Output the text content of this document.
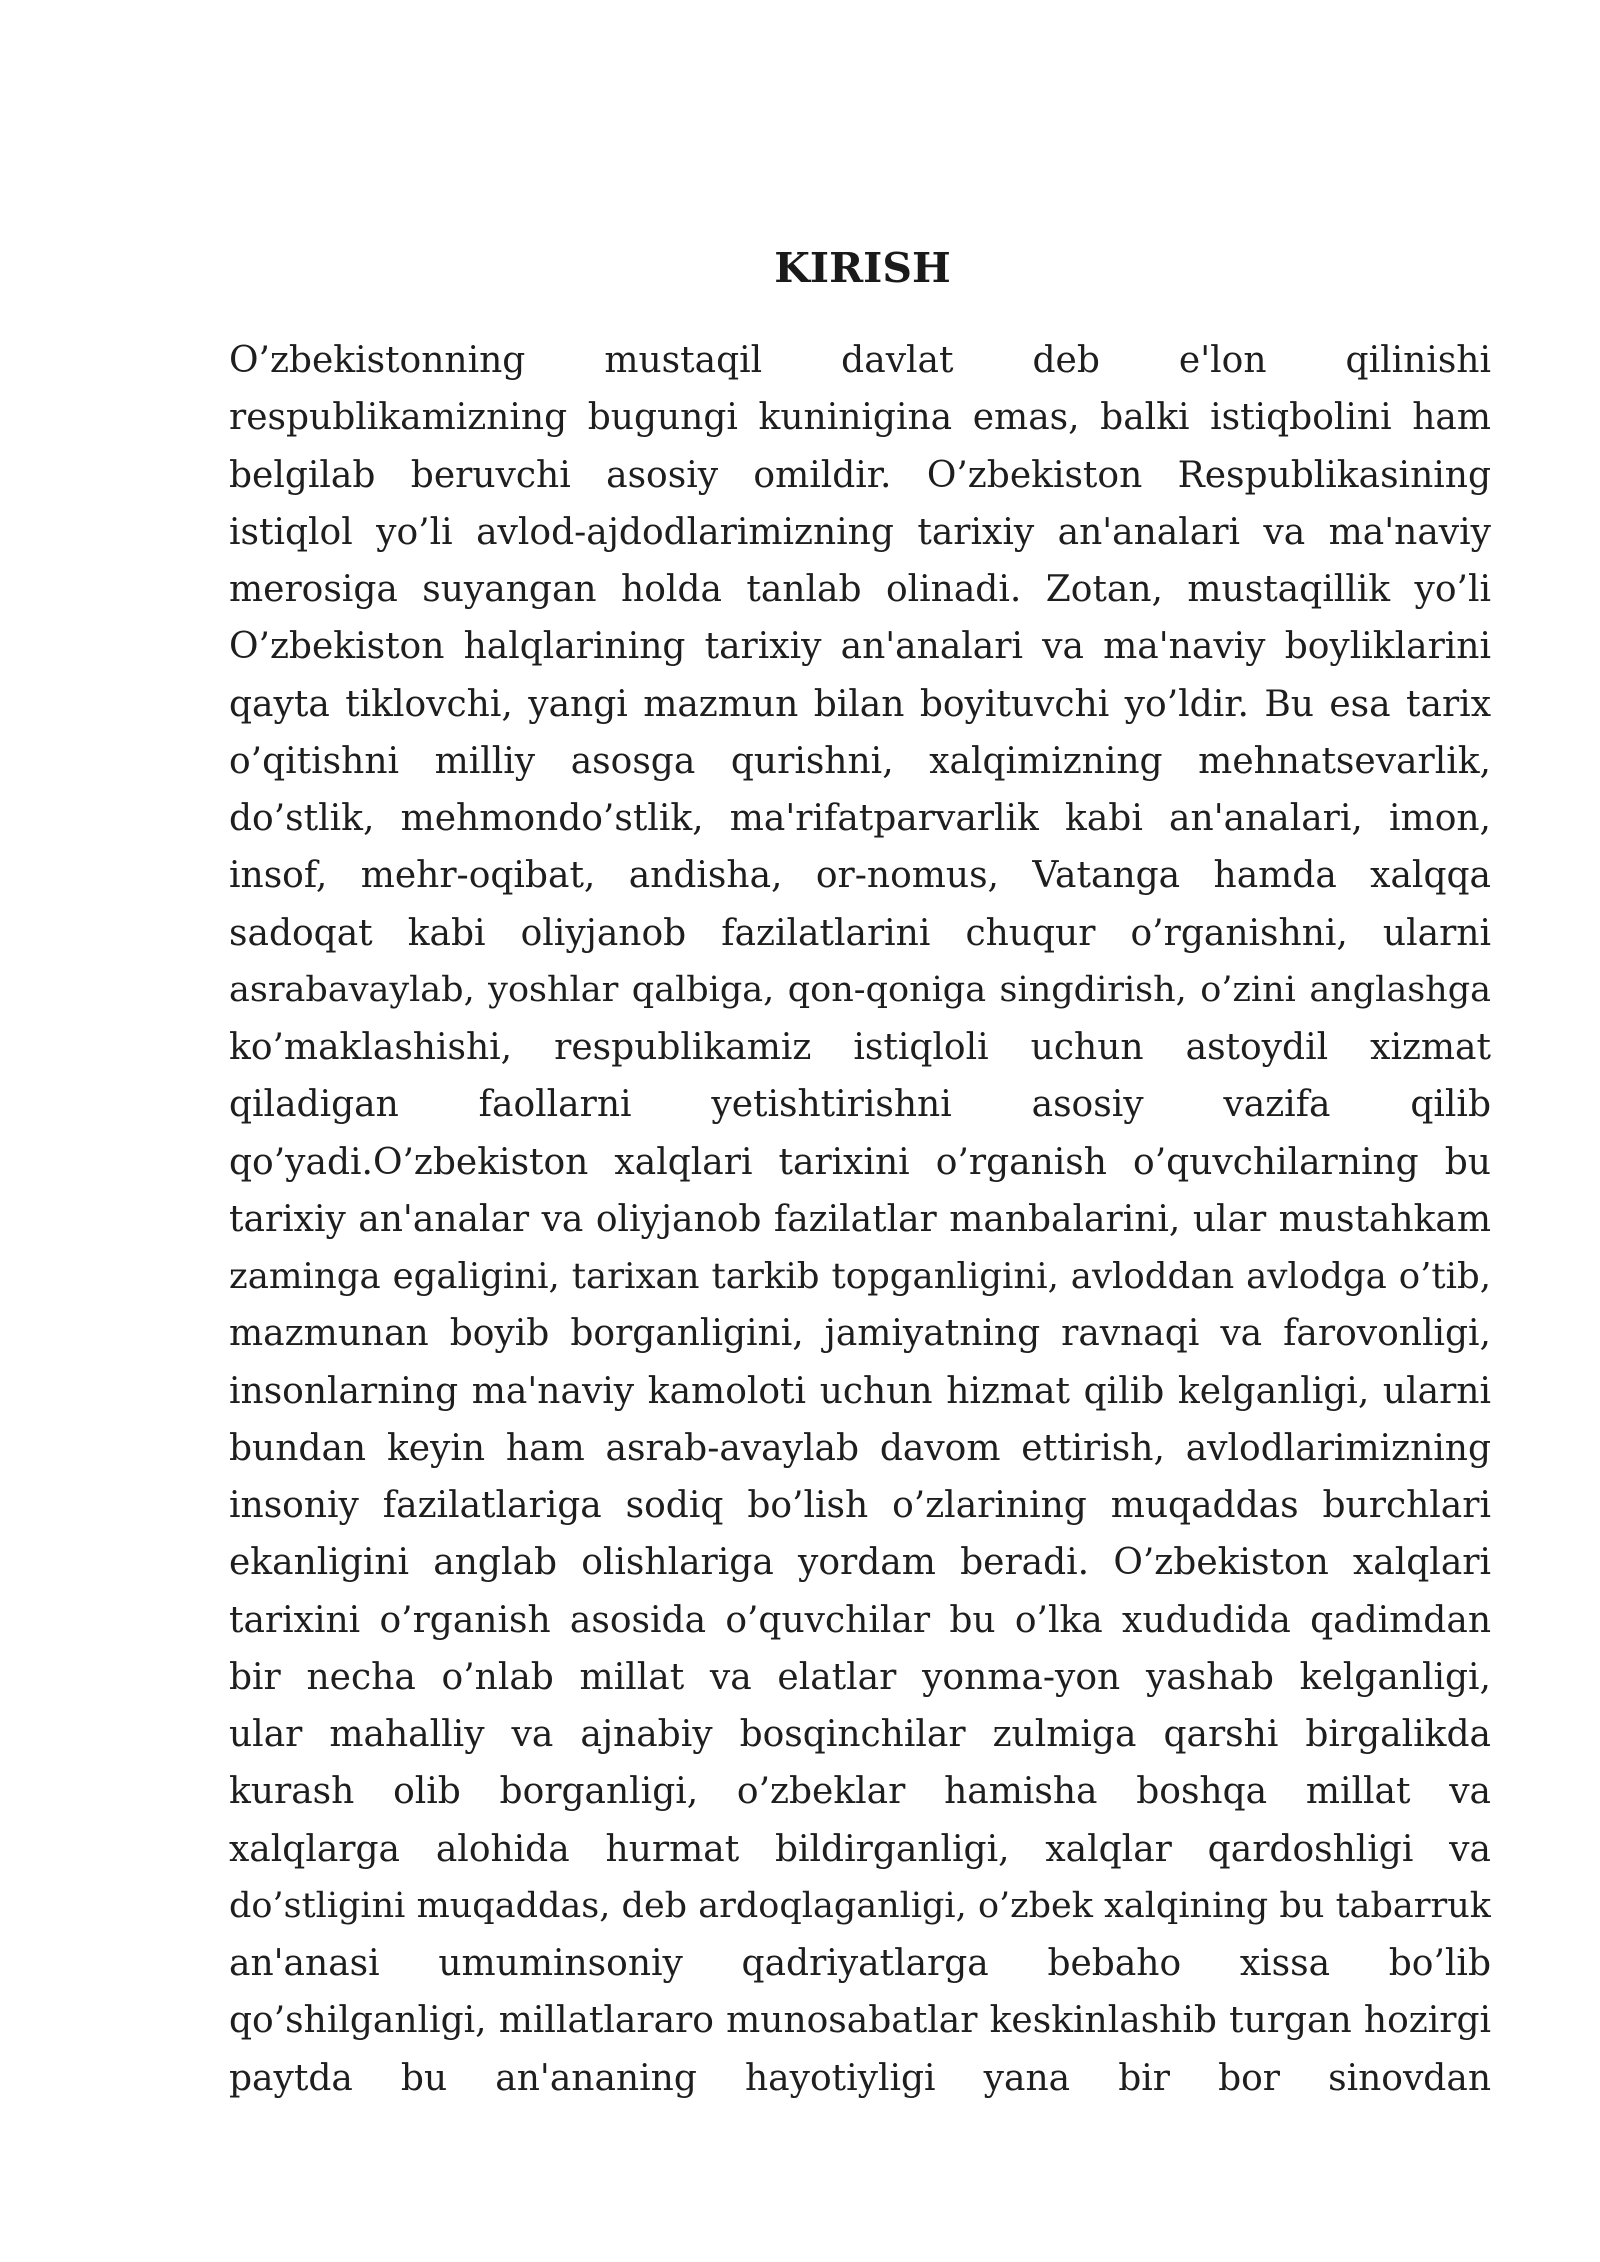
KIRISH
O’zbekistonning mustaqil davlat deb e'lon qilinishi
respublikamizning bugungi kuninigina emas, balki istiqbolini ham
belgilab beruvchi asosiy omildir. O’zbekiston Respublikasining
istiqlol yo’li avlod-ajdodlarimizning tarixiy an'analari va ma'naviy
merosiga suyangan holda tanlab olinadi. Zotan, mustaqillik yo’li
O’zbekiston halqlarining tarixiy an'analari va ma'naviy boyliklarini
qayta tiklovchi, yangi mazmun bilan boyituvchi yo’ldir. Bu esa tarix
o’qitishni milliy asosga qurishni, xalqimizning mehnatsevarlik,
do’stlik, mehmondo’stlik, ma'rifatparvarlik kabi an'analari, imon,
insof, mehr-oqibat, andisha, or-nomus, Vatanga hamda xalqqa
sadoqat kabi oliyjanob fazilatlarini chuqur o’rganishni, ularni
asrabavaylab, yoshlar qalbiga, qon-qoniga singdirish, o’zini anglashga
ko’maklashishi, respublikamiz istiqloli uchun astoydil xizmat
qiladigan faollarni yetishtirishni asosiy vazifa qilib
qo’yadi.O’zbekiston xalqlari tarixini o’rganish o’quvchilarning bu
tarixiy an'analar va oliyjanob fazilatlar manbalarini, ular mustahkam
zaminga egaligini, tarixan tarkib topganligini, avloddan avlodga o’tib,
mazmunan boyib borganligini, jamiyatning ravnaqi va farovonligi,
insonlarning ma'naviy kamoloti uchun hizmat qilib kelganligi, ularni
bundan keyin ham asrab-avaylab davom ettirish, avlodlarimizning
insoniy fazilatlariga sodiq bo’lish o’zlarining muqaddas burchlari
ekanligini anglab olishlariga yordam beradi. O’zbekiston xalqlari
tarixini o’rganish asosida o’quvchilar bu o’lka xududida qadimdan
bir necha o’nlab millat va elatlar yonma-yon yashab kelganligi,
ular mahalliy va ajnabiy bosqinchilar zulmiga qarshi birgalikda
kurash olib borganligi, o’zbeklar hamisha boshqa millat va
xalqlarga alohida hurmat bildirganligi, xalqlar qardoshligi va
do’stligini muqaddas, deb ardoqlaganligi, o’zbek xalqining bu tabarruk
an'anasi umuminsoniy qadriyatlarga bebaho xissa bo’lib
qo’shilganligi, millatlararo munosabatlar keskinlashib turgan hozirgi
paytda bu an'ananing hayotiyligi yana bir bor sinovdan
